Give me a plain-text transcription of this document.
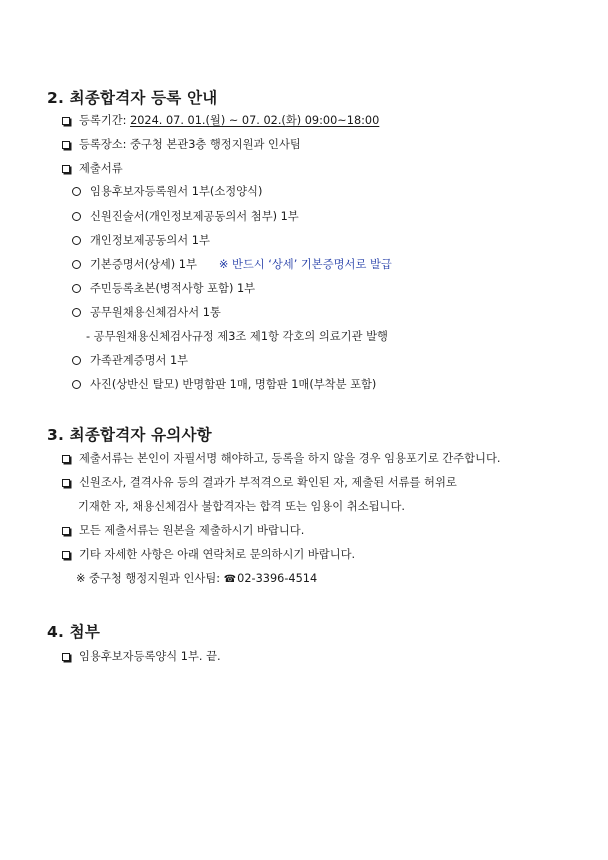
2. 최종합격자 등록 안내
등록기간: 2024. 07. 01.(월) ~ 07. 02.(화) 09:00~18:00
등록장소: 중구청 본관3층 행정지원과 인사팀
제출서류
임용후보자등록원서 1부(소정양식)
신원진술서(개인정보제공동의서 첨부) 1부
개인정보제공동의서 1부
기본증명서(상세) 1부 ※ 반드시 ‘상세’ 기본증명서로 발급
주민등록초본(병적사항 포함) 1부
공무원채용신체검사서 1통
- 공무원채용신체검사규정 제3조 제1항 각호의 의료기관 발행
가족관계증명서 1부
사진(상반신 탈모) 반명함판 1매, 명함판 1매(부착분 포함)
3. 최종합격자 유의사항
제출서류는 본인이 자필서명 해야하고, 등록을 하지 않을 경우 임용포기로 간주합니다.
신원조사, 결격사유 등의 결과가 부적격으로 확인된 자, 제출된 서류를 허위로
기재한 자, 채용신체검사 불합격자는 합격 또는 임용이 취소됩니다.
모든 제출서류는 원본을 제출하시기 바랍니다.
기타 자세한 사항은 아래 연락처로 문의하시기 바랍니다.
※ 중구청 행정지원과 인사팀: ☎02-3396-4514
4. 첨부
임용후보자등록양식 1부. 끝.
